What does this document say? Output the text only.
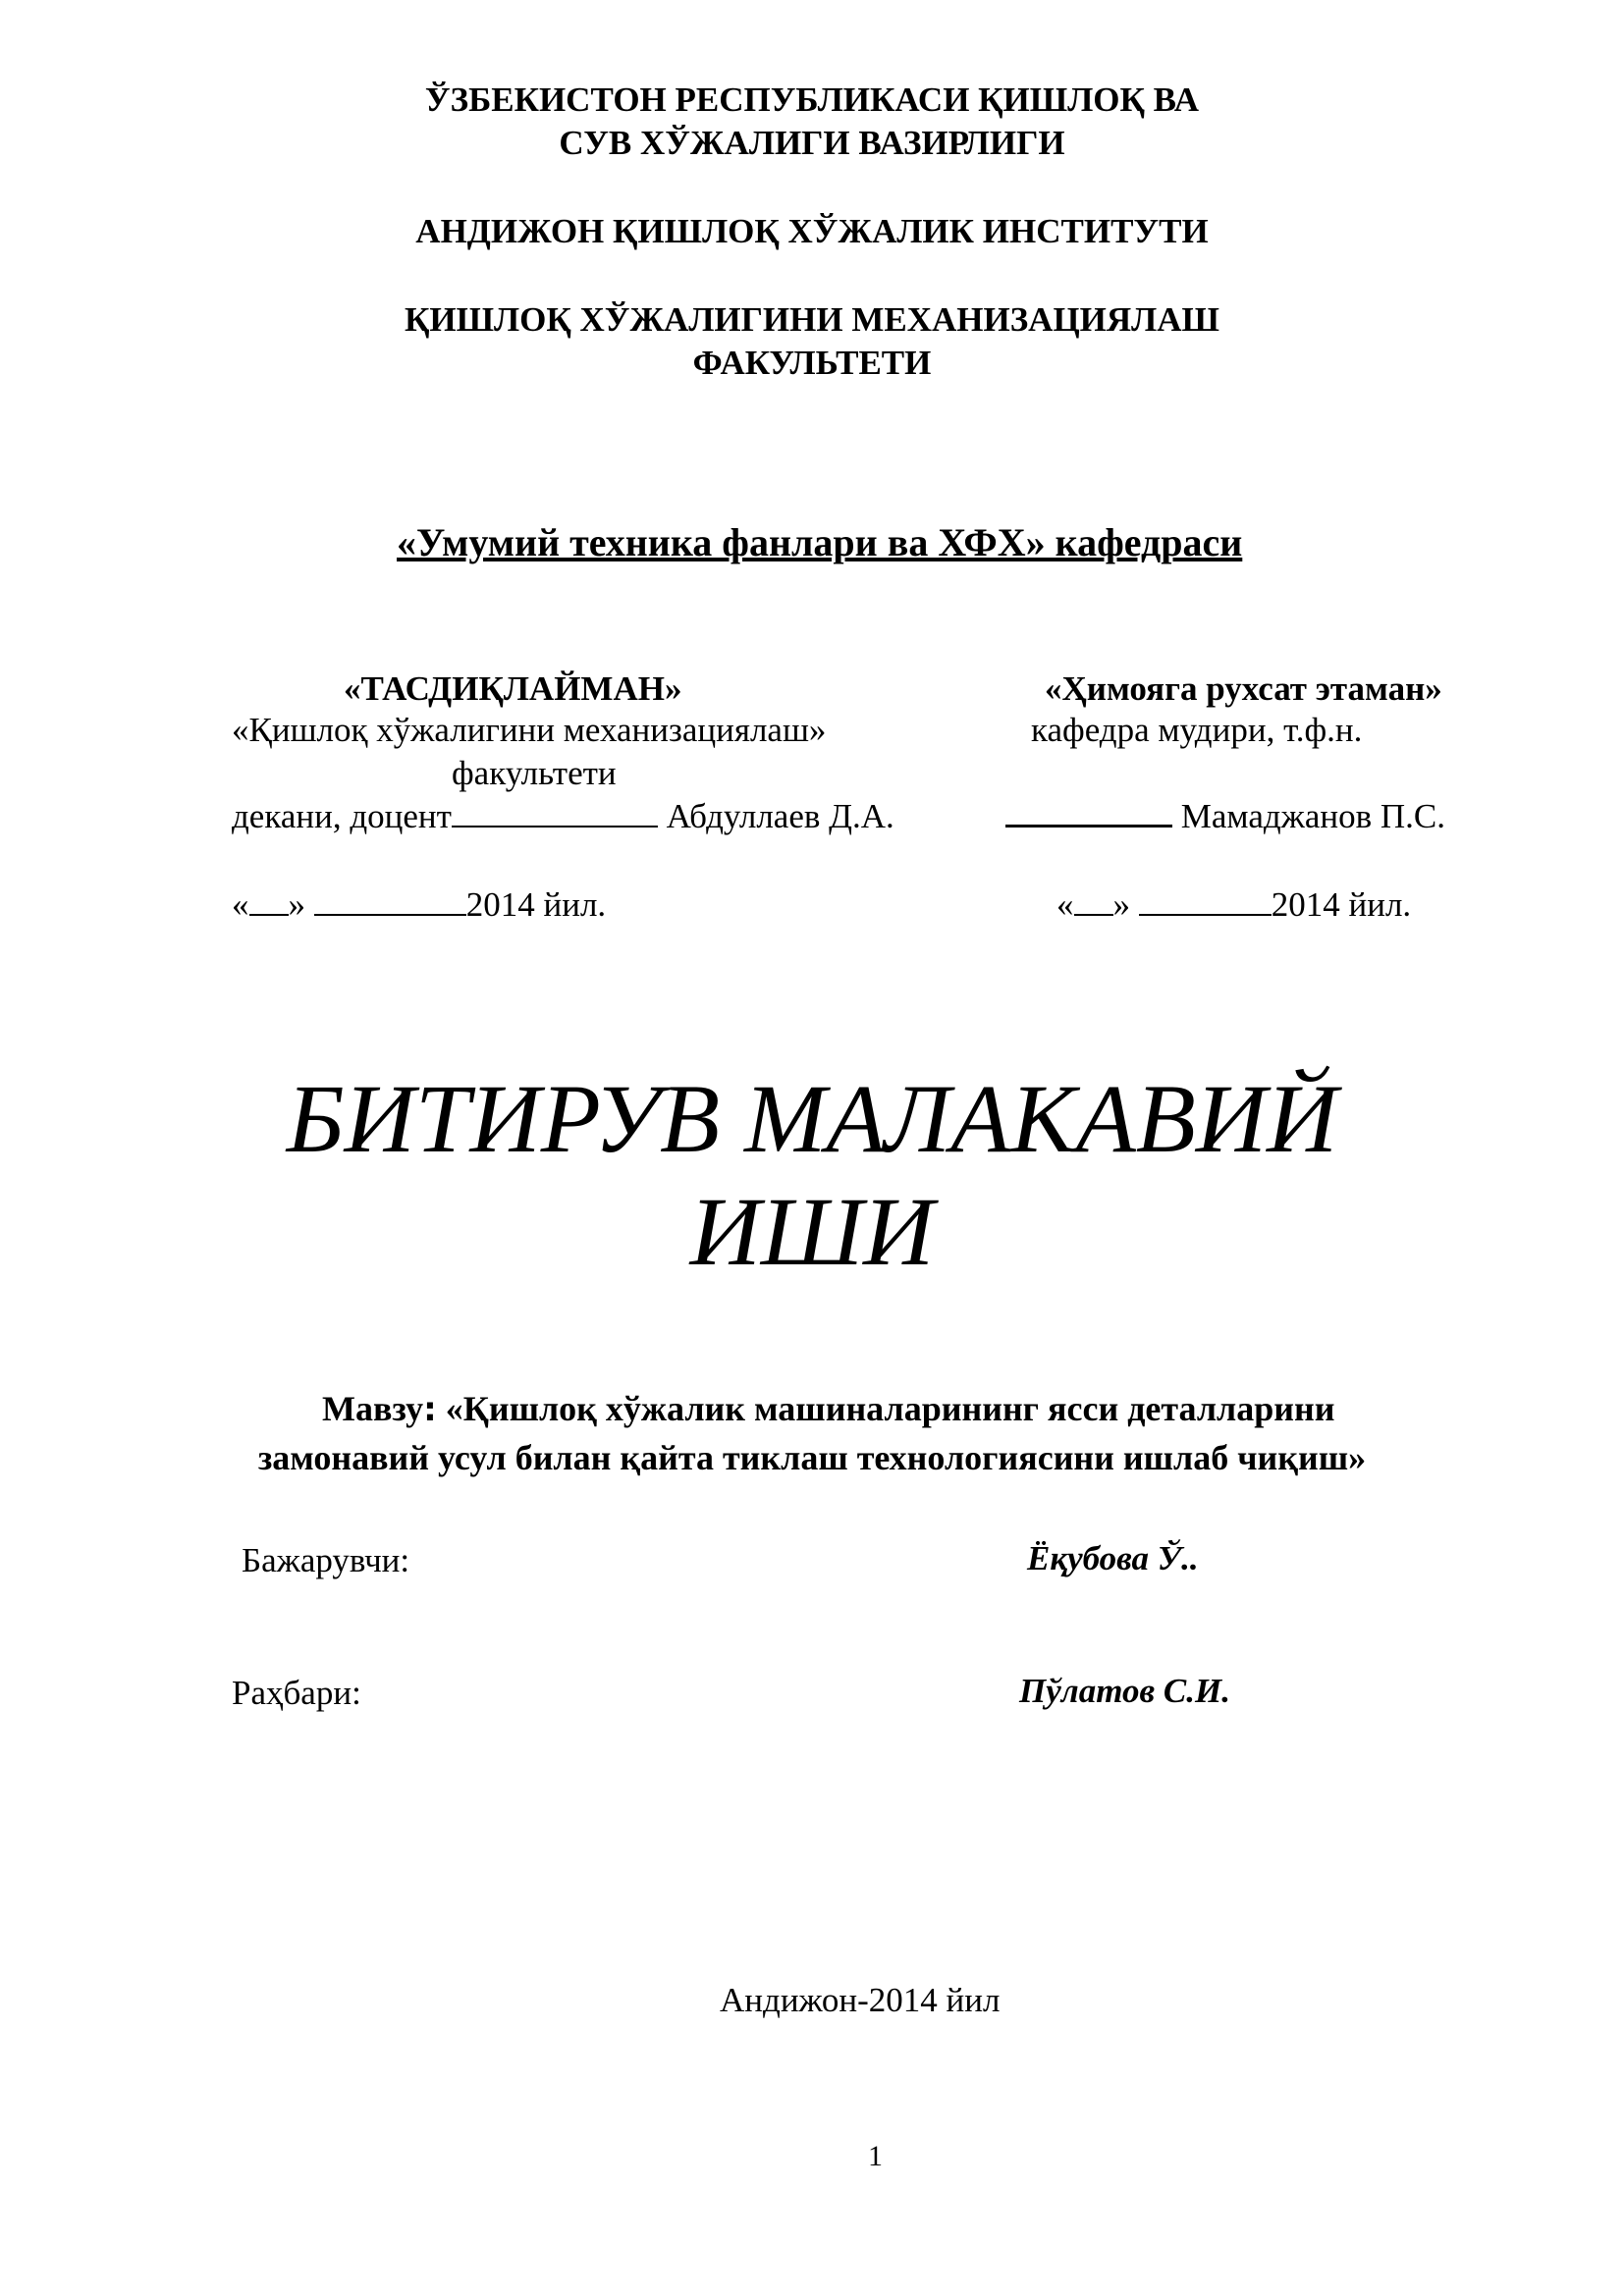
ЎЗБЕКИСТОН РЕСПУБЛИКАСИ ҚИШЛОҚ ВА
СУВ ХЎЖАЛИГИ ВАЗИРЛИГИ
АНДИЖОН ҚИШЛОҚ ХЎЖАЛИК ИНСТИТУТИ
ҚИШЛОҚ ХЎЖАЛИГИНИ МЕХАНИЗАЦИЯЛАШ
ФАКУЛЬТЕТИ
«Умумий техника фанлари ва ХФХ» кафедраси
«ТАСДИҚЛАЙМАН»
«Қишлоқ хўжалигини механизациялаш»
факультети
декани, доцент	Абдуллаев Д.А.
« »	2014 йил.
«Ҳимояга рухсат этаман»
кафедра мудири, т.ф.н.
Мамаджанов П.С.
« »	2014 йил.
БИТИРУВ МАЛАКАВИЙ
ИШИ
Мавзу: «Қишлоқ хўжалик машиналарининг ясси деталларини
замонавий усул билан қайта тиклаш технологиясини ишлаб чиқиш»
Бажарувчи:	Ёқубова Ў..
Раҳбари:	Пўлатов С.И.
Андижон-2014 йил
1
